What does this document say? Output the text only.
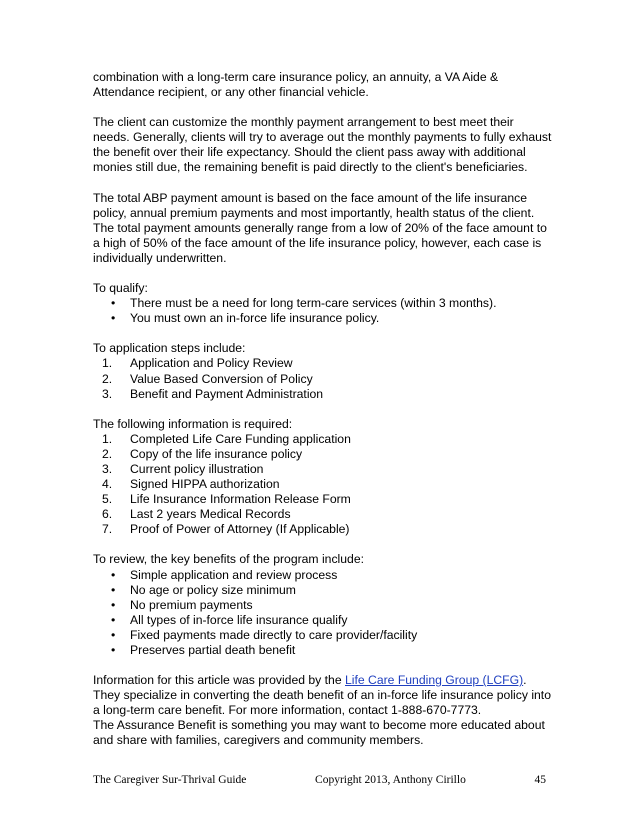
combination with a long-term care insurance policy, an annuity, a VA Aide & Attendance recipient, or any other financial vehicle.

The client can customize the monthly payment arrangement to best meet their needs. Generally, clients will try to average out the monthly payments to fully exhaust the benefit over their life expectancy. Should the client pass away with additional monies still due, the remaining benefit is paid directly to the client's beneficiaries.

The total ABP payment amount is based on the face amount of the life insurance policy, annual premium payments and most importantly, health status of the client. The total payment amounts generally range from a low of 20% of the face amount to a high of 50% of the face amount of the life insurance policy, however, each case is individually underwritten.

To qualify:
• There must be a need for long term-care services (within 3 months).
• You must own an in-force life insurance policy.
To application steps include:
1. Application and Policy Review
2. Value Based Conversion of Policy
3. Benefit and Payment Administration
The following information is required:
1. Completed Life Care Funding application
2. Copy of the life insurance policy
3. Current policy illustration
4. Signed HIPPA authorization
5. Life Insurance Information Release Form
6. Last 2 years Medical Records
7. Proof of Power of Attorney (If Applicable)
To review, the key benefits of the program include:
• Simple application and review process
• No age or policy size minimum
• No premium payments
• All types of in-force life insurance qualify
• Fixed payments made directly to care provider/facility
• Preserves partial death benefit
Information for this article was provided by the Life Care Funding Group (LCFG).
They specialize in converting the death benefit of an in-force life insurance policy into a long-term care benefit. For more information, contact 1-888-670-7773.
The Assurance Benefit is something you may want to become more educated about and share with families, caregivers and community members.
The Caregiver Sur-Thrival Guide	Copyright 2013, Anthony Cirillo	45
